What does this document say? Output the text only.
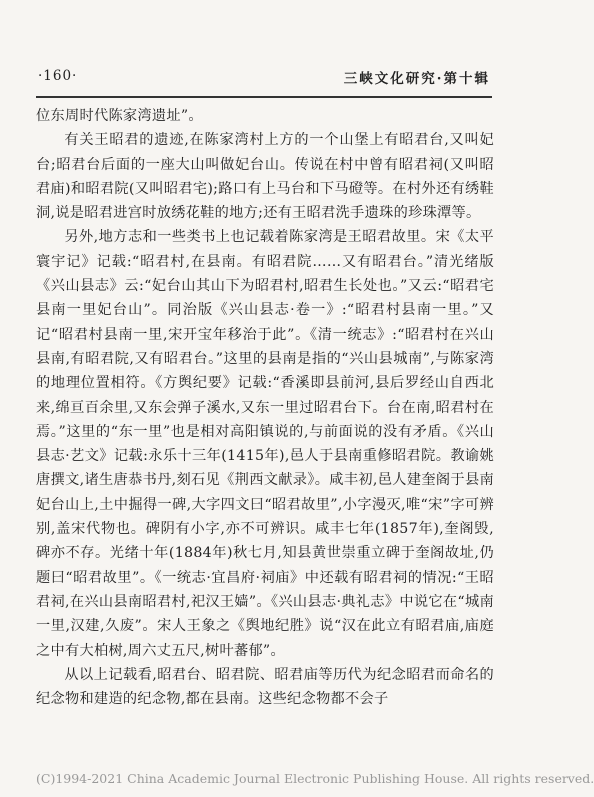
·160·	三峡文化研究·第十辑

位东周时代陈家湾遗址”。

有关王昭君的遗迹,在陈家湾村上方的一个山堡上有昭君台,又叫妃台;昭君台后面的一座大山叫做妃台山。传说在村中曾有昭君祠(又叫昭君庙)和昭君院(又叫昭君宅);路口有上马台和下马磴等。在村外还有绣鞋洞,说是昭君进宫时放绣花鞋的地方;还有王昭君洗手遗珠的珍珠潭等。

另外,地方志和一些类书上也记载着陈家湾是王昭君故里。宋《太平寰宇记》记载:“昭君村,在县南。有昭君院……又有昭君台。”清光绪版《兴山县志》云:“妃台山其山下为昭君村,昭君生长处也。”又云:“昭君宅县南一里妃台山”。同治版《兴山县志·卷一》:“昭君村县南一里。”又记“昭君村县南一里,宋开宝年移治于此”。《清一统志》:“昭君村在兴山县南,有昭君院,又有昭君台。”这里的县南是指的“兴山县城南”,与陈家湾的地理位置相符。《方舆纪要》记载:“香溪即县前河,县后罗经山自西北来,绵亘百余里,又东会弹子溪水,又东一里过昭君台下。台在南,昭君村在焉。”这里的“东一里”也是相对高阳镇说的,与前面说的没有矛盾。《兴山县志·艺文》记载:永乐十三年(1415年),邑人于县南重修昭君院。教谕姚唐撰文,诸生唐恭书丹,刻石见《荆西文献录》。咸丰初,邑人建奎阁于县南妃台山上,土中掘得一碑,大字四文曰“昭君故里”,小字漫灭,唯“宋”字可辨别,盖宋代物也。碑阴有小字,亦不可辨识。咸丰七年(1857年),奎阁毁,碑亦不存。光绪十年(1884年)秋七月,知县黄世崇重立碑于奎阁故址,仍题曰“昭君故里”。《一统志·宜昌府·祠庙》中还载有昭君祠的情况:“王昭君祠,在兴山县南昭君村,祀汉王嫱”。《兴山县志·典礼志》中说它在“城南一里,汉建,久废”。宋人王象之《舆地纪胜》说“汉在此立有昭君庙,庙庭之中有大柏树,周六丈五尺,树叶蕃郁”。

从以上记载看,昭君台、昭君院、昭君庙等历代为纪念昭君而命名的纪念物和建造的纪念物,都在县南。这些纪念物都不会子

(C)1994-2021 China Academic Journal Electronic Publishing House. All rights reserved.
